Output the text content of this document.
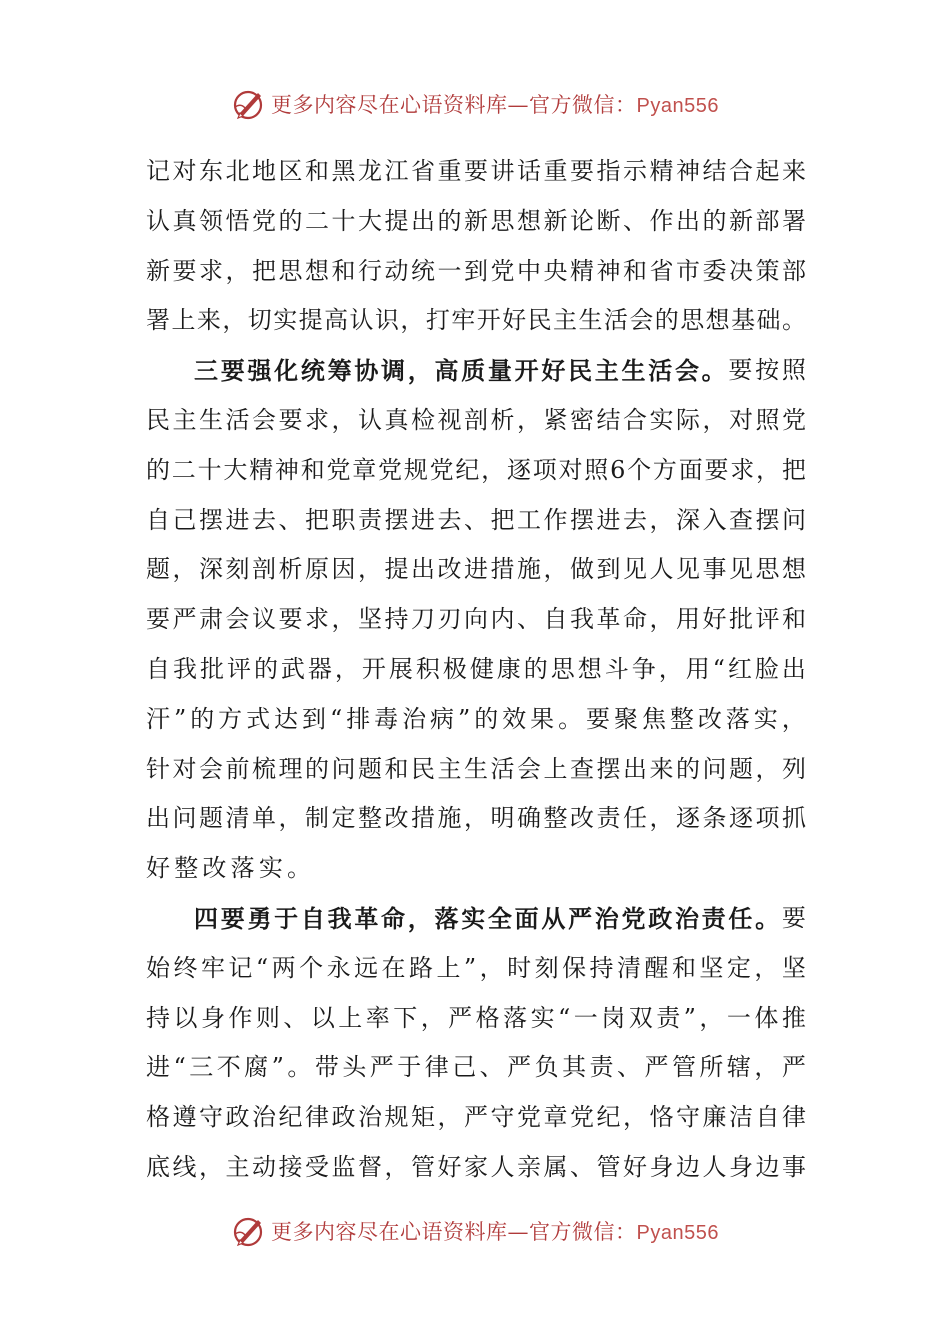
更多内容尽在心语资料库—官方微信：Pyan556
记 对 东 北 地 区 和 黑 龙 江 省 重 要 讲 话 重 要 指 示 精 神 结 合 起 来
认 真 领 悟 党 的 二 十 大 提 出 的 新 思 想 新 论 断 、 作 出 的 新 部 署
新 要 求 ， 把 思 想 和 行 动 统 一 到 党 中 央 精 神 和 省 市 委 决 策 部
署 上 来 ， 切 实 提 高 认 识 ， 打 牢 开 好 民 主 生 活 会 的 思 想 基 础 。
三 要 强 化 统 筹 协 调 ， 高 质 量 开 好 民 主 生 活 会 。 要 按 照
民 主 生 活 会 要 求 ， 认 真 检 视 剖 析 ， 紧 密 结 合 实 际 ， 对 照 党
的 二 十 大 精 神 和 党 章 党 规 党 纪 ， 逐 项 对 照 6 个 方 面 要 求 ， 把
自 己 摆 进 去 、 把 职 责 摆 进 去 、 把 工 作 摆 进 去 ， 深 入 查 摆 问
题 ， 深 刻 剖 析 原 因 ， 提 出 改 进 措 施 ， 做 到 见 人 见 事 见 思 想
要 严 肃 会 议 要 求 ， 坚 持 刀 刃 向 内 、 自 我 革 命 ， 用 好 批 评 和
自 我 批 评 的 武 器 ， 开 展 积 极 健 康 的 思 想 斗 争 ， 用 “ 红 脸 出
汗 ” 的 方 式 达 到 “ 排 毒 治 病 ” 的 效 果 。 要 聚 焦 整 改 落 实 ，
针 对 会 前 梳 理 的 问 题 和 民 主 生 活 会 上 查 摆 出 来 的 问 题 ， 列
出 问 题 清 单 ， 制 定 整 改 措 施 ， 明 确 整 改 责 任 ， 逐 条 逐 项 抓
好 整 改 落 实 。
四 要 勇 于 自 我 革 命 ， 落 实 全 面 从 严 治 党 政 治 责 任 。 要
始 终 牢 记 “ 两 个 永 远 在 路 上 ” ， 时 刻 保 持 清 醒 和 坚 定 ， 坚
持 以 身 作 则 、 以 上 率 下 ， 严 格 落 实 “ 一 岗 双 责 ” ， 一 体 推
进 “ 三 不 腐 ” 。 带 头 严 于 律 己 、 严 负 其 责 、 严 管 所 辖 ， 严
格 遵 守 政 治 纪 律 政 治 规 矩 ， 严 守 党 章 党 纪 ， 恪 守 廉 洁 自 律
底 线 ， 主 动 接 受 监 督 ， 管 好 家 人 亲 属 、 管 好 身 边 人 身 边 事
更多内容尽在心语资料库—官方微信：Pyan556
